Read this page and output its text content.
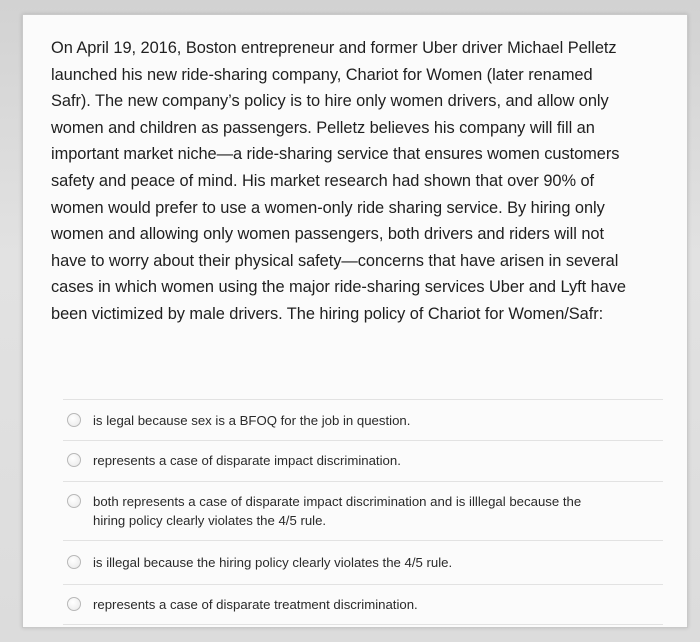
On April 19, 2016, Boston entrepreneur and former Uber driver Michael Pelletz
launched his new ride-sharing company, Chariot for Women (later renamed
Safr). The new company’s policy is to hire only women drivers, and allow only
women and children as passengers. Pelletz believes his company will fill an
important market niche—a ride-sharing service that ensures women customers
safety and peace of mind. His market research had shown that over 90% of
women would prefer to use a women-only ride sharing service. By hiring only
women and allowing only women passengers, both drivers and riders will not
have to worry about their physical safety—concerns that have arisen in several
cases in which women using the major ride-sharing services Uber and Lyft have
been victimized by male drivers. The hiring policy of Chariot for Women/Safr:

is legal because sex is a BFOQ for the job in question.
represents a case of disparate impact discrimination.
both represents a case of disparate impact discrimination and is illlegal because the
hiring policy clearly violates the 4/5 rule.
is illegal because the hiring policy clearly violates the 4/5 rule.
represents a case of disparate treatment discrimination.
